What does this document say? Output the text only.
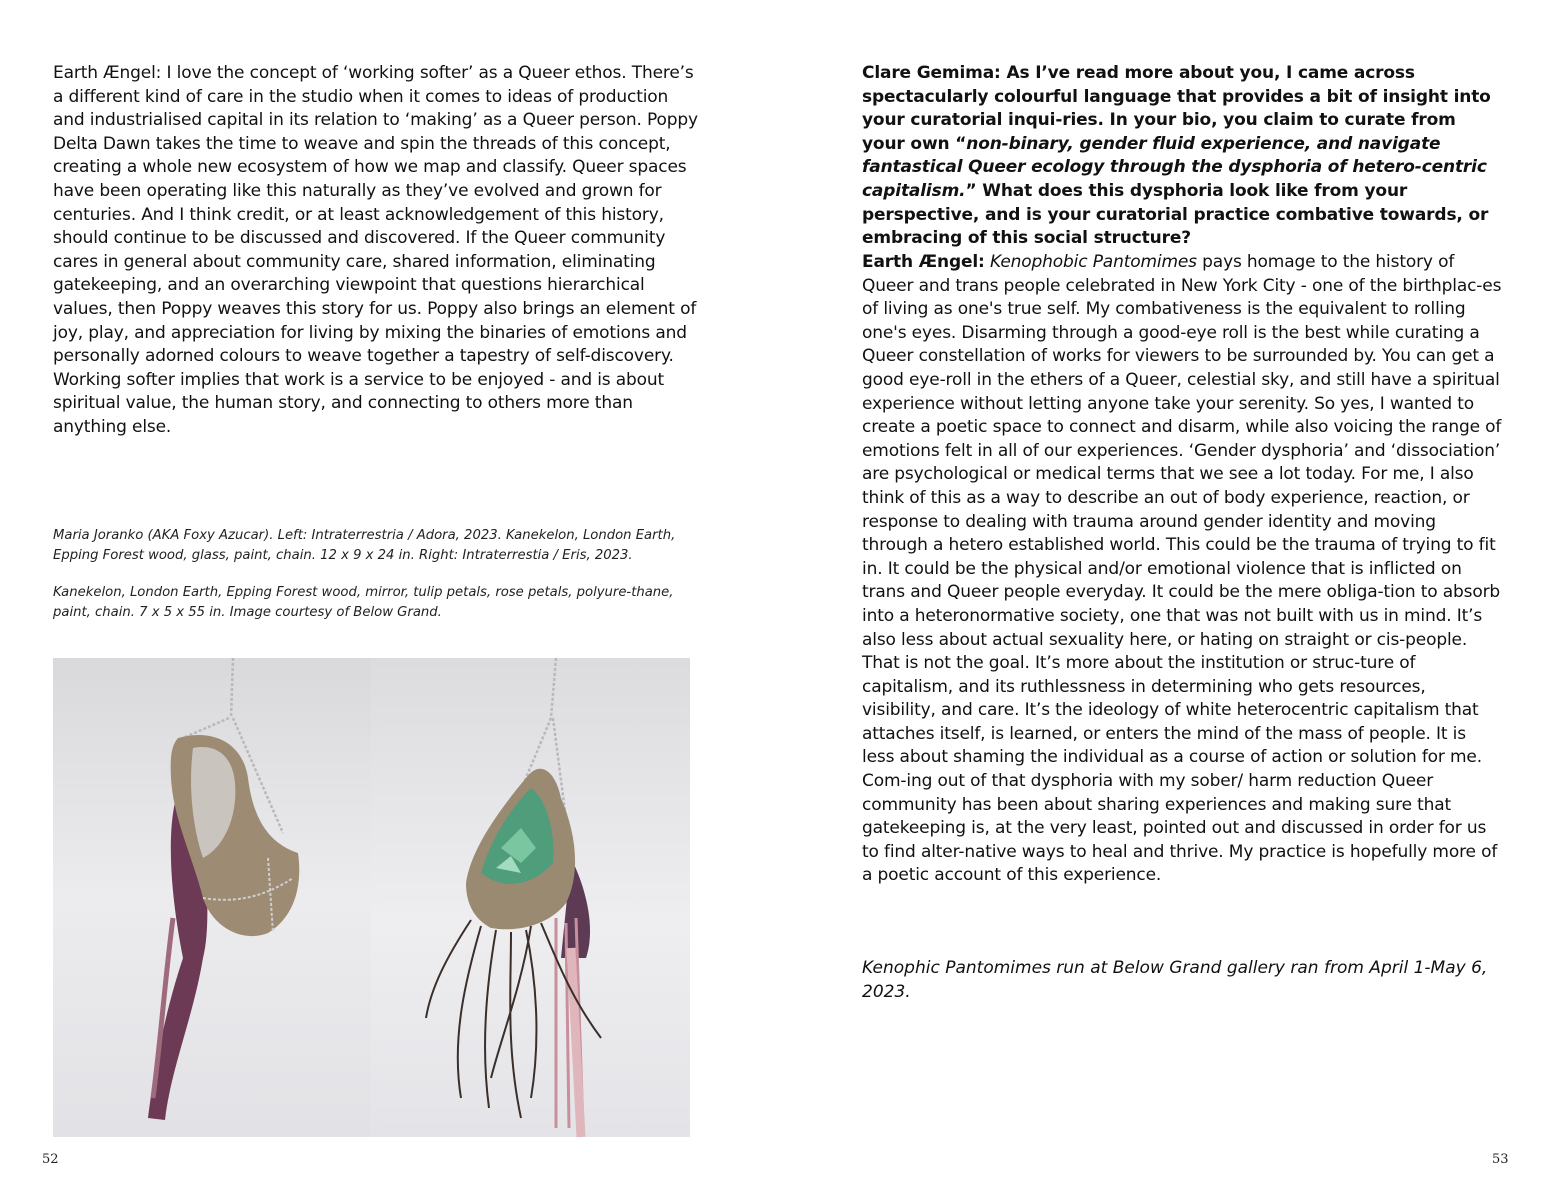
Earth Ængel: I love the concept of ‘working softer’ as a Queer ethos. There’s a different kind of care in the studio when it comes to ideas of production and industrialised capital in its relation to ‘making’ as a Queer person. Poppy Delta Dawn takes the time to weave and spin the threads of this concept, creating a whole new ecosystem of how we map and classify. Queer spaces have been operating like this naturally as they’ve evolved and grown for centuries. And I think credit, or at least acknowledgement of this history, should continue to be discussed and discovered. If the Queer community cares in general about community care, shared information, eliminating gatekeeping, and an overarching viewpoint that questions hierarchical values, then Poppy weaves this story for us. Poppy also brings an element of joy, play, and appreciation for living by mixing the binaries of emotions and personally adorned colours to weave together a tapestry of self-discovery. Working softer implies that work is a service to be enjoyed - and is about spiritual value, the human story, and connecting to others more than anything else.

Maria Joranko (AKA Foxy Azucar). Left: Intraterrestria / Adora, 2023. Kanekelon, London Earth, Epping Forest wood, glass, paint, chain. 12 x 9 x 24 in. Right: Intraterrestia / Eris, 2023.

Kanekelon, London Earth, Epping Forest wood, mirror, tulip petals, rose petals, polyure-thane, paint, chain. 7 x 5 x 55 in. Image courtesy of Below Grand.

52
Clare Gemima: As I’ve read more about you, I came across spectacularly colourful language that provides a bit of insight into your curatorial inqui-ries. In your bio, you claim to curate from your own “non-binary, gender fluid experience, and navigate fantastical Queer ecology through the dysphoria of hetero-centric capitalism.” What does this dysphoria look like from your perspective, and is your curatorial practice combative towards, or embracing of this social structure?
Earth Ængel: Kenophobic Pantomimes pays homage to the history of Queer and trans people celebrated in New York City - one of the birthplac-es of living as one's true self. My combativeness is the equivalent to rolling one's eyes. Disarming through a good-eye roll is the best while curating a Queer constellation of works for viewers to be surrounded by. You can get a good eye-roll in the ethers of a Queer, celestial sky, and still have a spiritual experience without letting anyone take your serenity. So yes, I wanted to create a poetic space to connect and disarm, while also voicing the range of emotions felt in all of our experiences. ‘Gender dysphoria’ and ‘dissociation’ are psychological or medical terms that we see a lot today. For me, I also think of this as a way to describe an out of body experience, reaction, or response to dealing with trauma around gender identity and moving through a hetero established world. This could be the trauma of trying to fit in. It could be the physical and/or emotional violence that is inflicted on trans and Queer people everyday. It could be the mere obliga-tion to absorb into a heteronormative society, one that was not built with us in mind. It’s also less about actual sexuality here, or hating on straight or cis-people. That is not the goal. It’s more about the institution or struc-ture of capitalism, and its ruthlessness in determining who gets resources, visibility, and care. It’s the ideology of white heterocentric capitalism that attaches itself, is learned, or enters the mind of the mass of people. It is less about shaming the individual as a course of action or solution for me. Com-ing out of that dysphoria with my sober/ harm reduction Queer community has been about sharing experiences and making sure that gatekeeping is, at the very least, pointed out and discussed in order for us to find alter-native ways to heal and thrive. My practice is hopefully more of a poetic account of this experience.
Kenophic Pantomimes run at Below Grand gallery ran from April 1-May 6, 2023.
53
